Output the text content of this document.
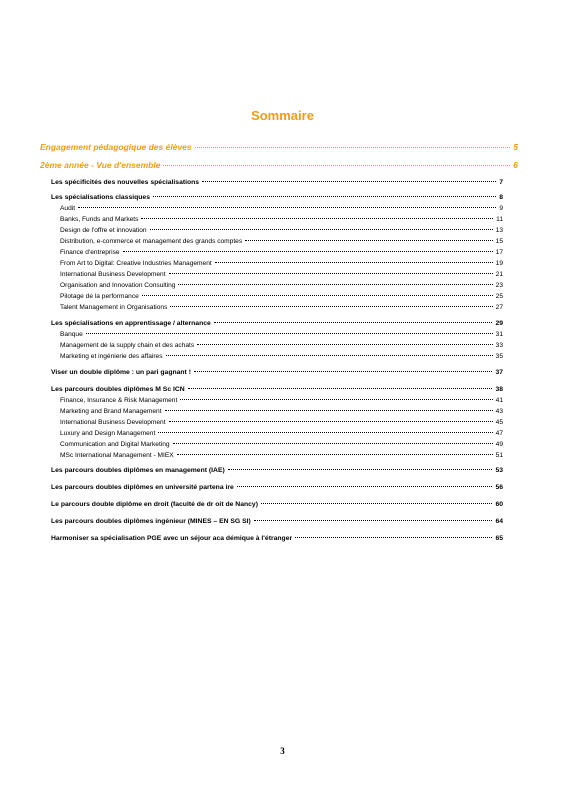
Sommaire
Engagement pédagogique des élèves	5
2ème année - Vue d'ensemble	6
Les spécificités des nouvelles spécialisations	7
Les spécialisations classiques	8
Audit	9
Banks, Funds and Markets	11
Design de l'offre et innovation	13
Distribution, e-commerce et management des grands comptes	15
Finance d'entreprise	17
From Art to Digital: Creative Industries Management	19
International Business Development	21
Organisation and Innovation Consulting	23
Pilotage de la performance	25
Talent Management in Organisations	27
Les spécialisations en apprentissage / alternance	29
Banque	31
Management de la supply chain et des achats	33
Marketing et ingénierie des affaires	35
Viser un double diplôme : un pari gagnant !	37
Les parcours doubles diplômes M Sc ICN	38
Finance, Insurance & Risk Management	41
Marketing and Brand Management	43
International Business Development	45
Luxury and Design Management	47
Communication and Digital Marketing	49
MSc International Management - MIEX	51
Les parcours doubles diplômes en management (IAE)	53
Les parcours doubles diplômes en université partena ire	56
Le parcours double diplôme en droit (faculté de dr oit de Nancy)	60
Les parcours doubles diplômes ingénieur (MINES – EN SG SI)	64
Harmoniser sa spécialisation PGE avec un séjour aca démique à l'étranger	65
3
